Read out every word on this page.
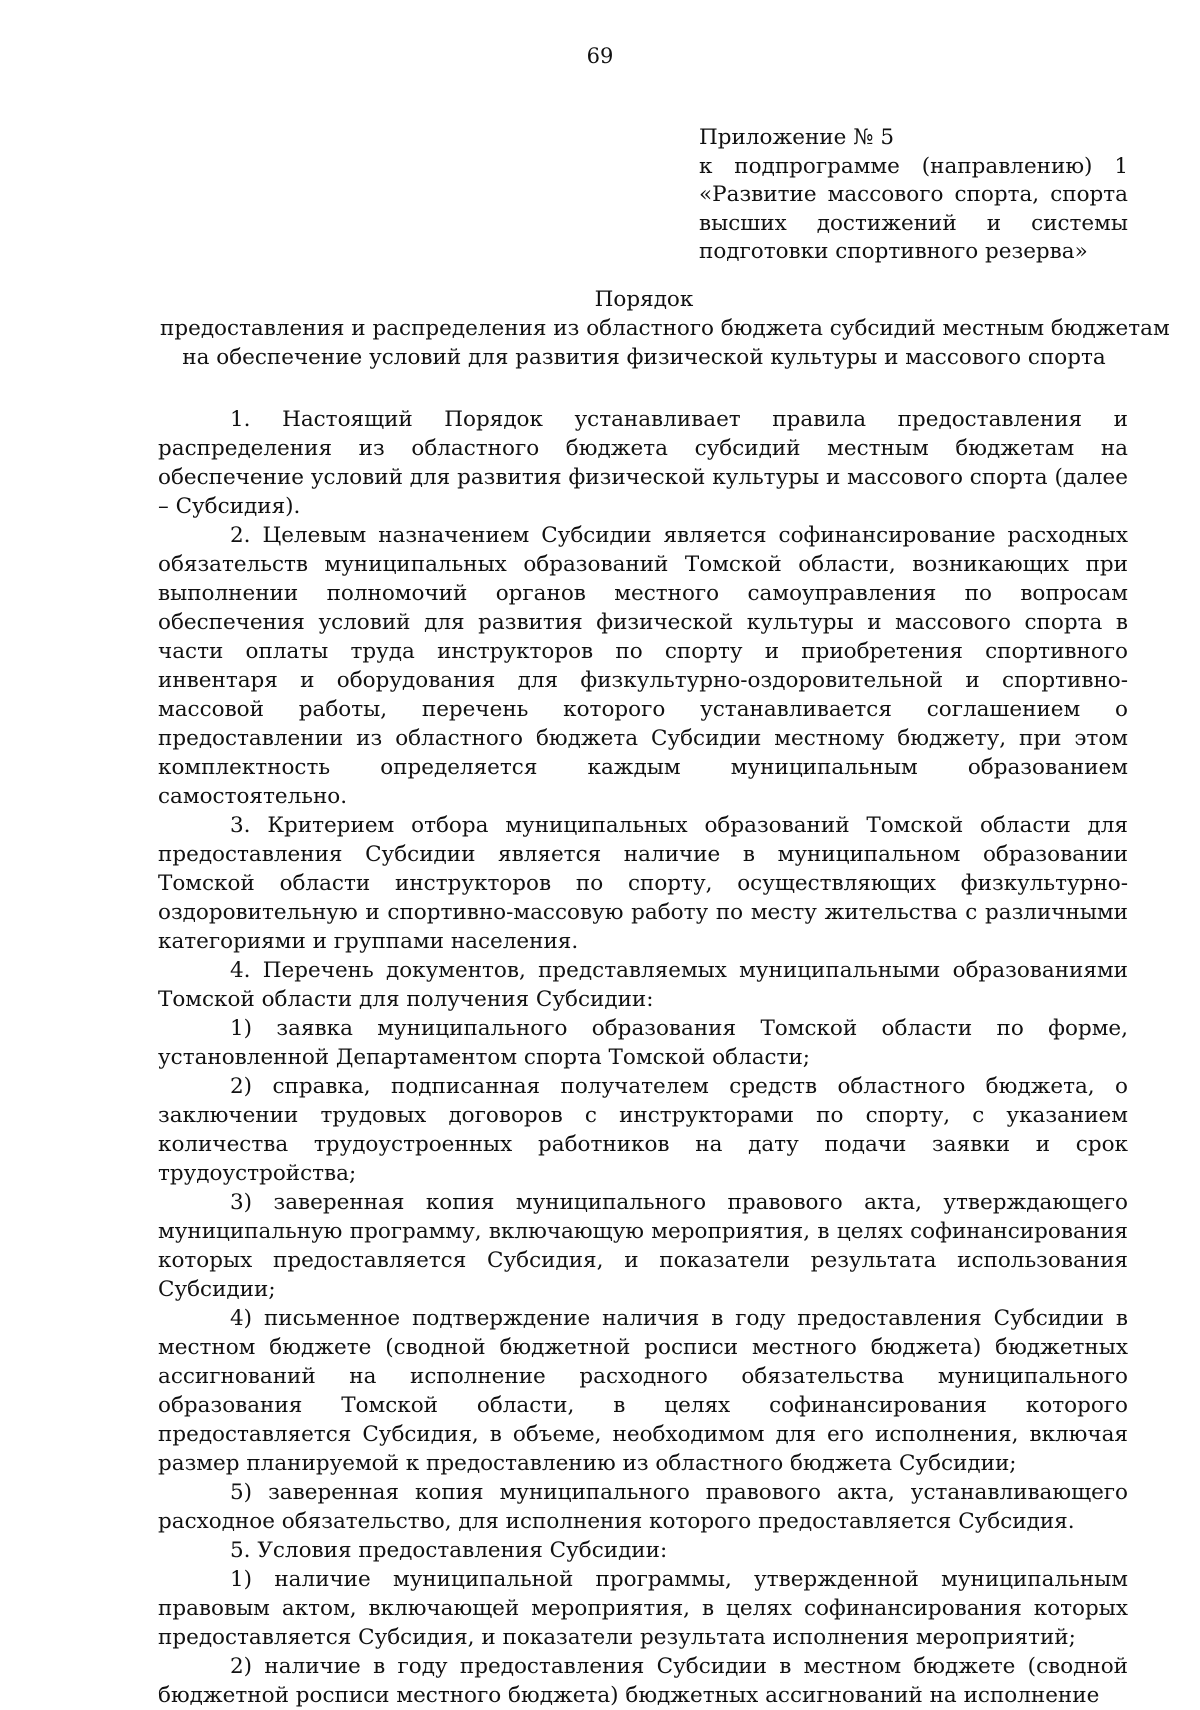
69
Приложение № 5
к подпрограмме (направлению) 1
«Развитие массового спорта, спорта
высших достижений и системы
подготовки спортивного резерва»
Порядок
предоставления и распределения из областного бюджета субсидий местным бюджетам
на обеспечение условий для развития физической культуры и массового спорта

1. Настоящий Порядок устанавливает правила предоставления и распределения из областного бюджета субсидий местным бюджетам на обеспечение условий для развития физической культуры и массового спорта (далее – Субсидия).

2. Целевым назначением Субсидии является софинансирование расходных обязательств муниципальных образований Томской области, возникающих при выполнении полномочий органов местного самоуправления по вопросам обеспечения условий для развития физической культуры и массового спорта в части оплаты труда инструкторов по спорту и приобретения спортивного инвентаря и оборудования для физкультурно-оздоровительной и спортивно-массовой работы, перечень которого устанавливается соглашением о предоставлении из областного бюджета Субсидии местному бюджету, при этом комплектность определяется каждым муниципальным образованием самостоятельно.

3. Критерием отбора муниципальных образований Томской области для предоставления Субсидии является наличие в муниципальном образовании Томской области инструкторов по спорту, осуществляющих физкультурно-оздоровительную и спортивно-массовую работу по месту жительства с различными категориями и группами населения.

4. Перечень документов, представляемых муниципальными образованиями Томской области для получения Субсидии:

1) заявка муниципального образования Томской области по форме, установленной Департаментом спорта Томской области;

2) справка, подписанная получателем средств областного бюджета, о заключении трудовых договоров с инструкторами по спорту, с указанием количества трудоустроенных работников на дату подачи заявки и срок трудоустройства;

3) заверенная копия муниципального правового акта, утверждающего муниципальную программу, включающую мероприятия, в целях софинансирования которых предоставляется Субсидия, и показатели результата использования Субсидии;

4) письменное подтверждение наличия в году предоставления Субсидии в местном бюджете (сводной бюджетной росписи местного бюджета) бюджетных ассигнований на исполнение расходного обязательства муниципального образования Томской области, в целях софинансирования которого предоставляется Субсидия, в объеме, необходимом для его исполнения, включая размер планируемой к предоставлению из областного бюджета Субсидии;

5) заверенная копия муниципального правового акта, устанавливающего расходное обязательство, для исполнения которого предоставляется Субсидия.

5. Условия предоставления Субсидии:

1) наличие муниципальной программы, утвержденной муниципальным правовым актом, включающей мероприятия, в целях софинансирования которых предоставляется Субсидия, и показатели результата исполнения мероприятий;

2) наличие в году предоставления Субсидии в местном бюджете (сводной бюджетной росписи местного бюджета) бюджетных ассигнований на исполнение
